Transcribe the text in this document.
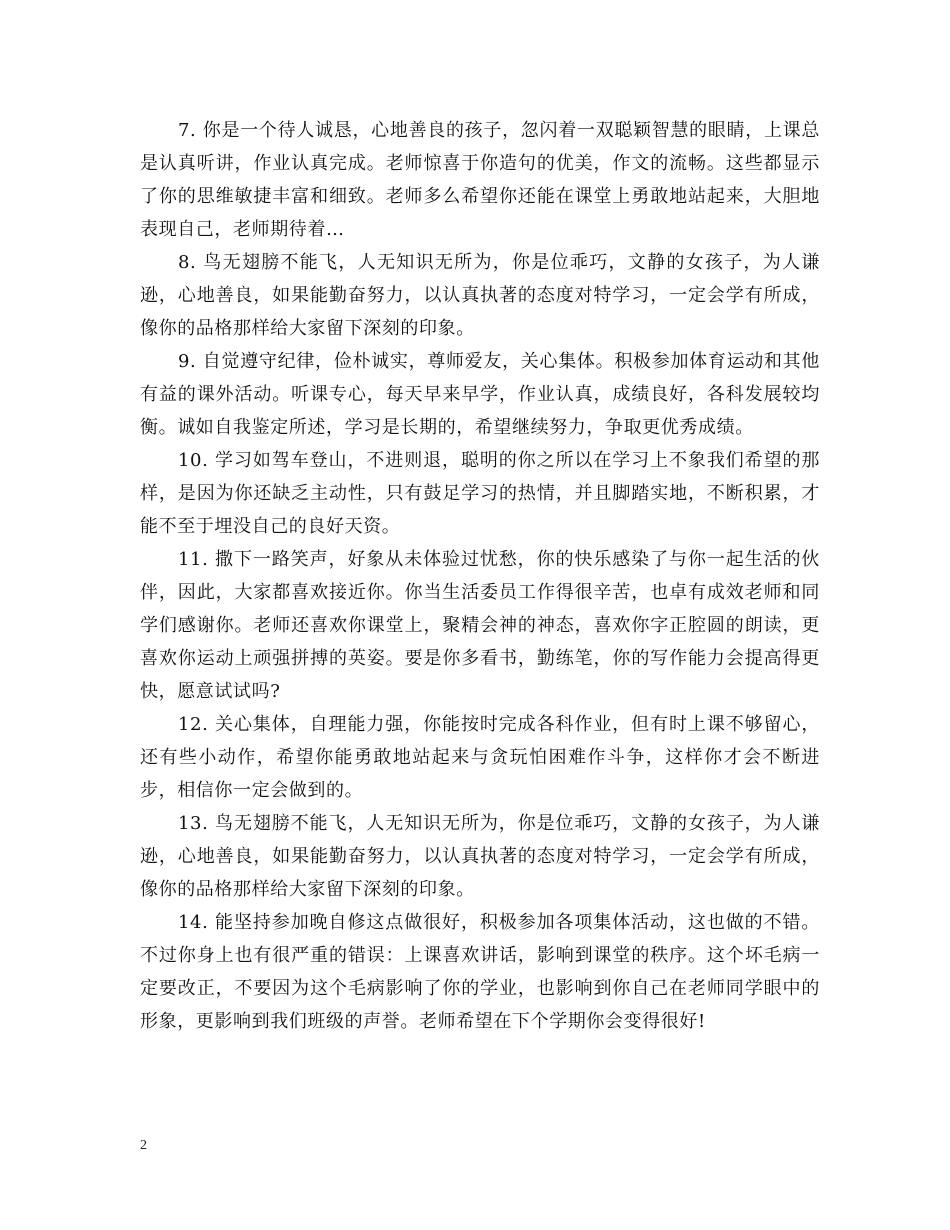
7. 你是一个待人诚恳，心地善良的孩子，忽闪着一双聪颖智慧的眼睛，上课总是认真听讲，作业认真完成。老师惊喜于你造句的优美，作文的流畅。这些都显示了你的思维敏捷丰富和细致。老师多么希望你还能在课堂上勇敢地站起来，大胆地表现自己，老师期待着…

8. 鸟无翅膀不能飞，人无知识无所为，你是位乖巧，文静的女孩子，为人谦逊，心地善良，如果能勤奋努力，以认真执著的态度对特学习，一定会学有所成，像你的品格那样给大家留下深刻的印象。

9. 自觉遵守纪律，俭朴诚实，尊师爱友，关心集体。积极参加体育运动和其他有益的课外活动。听课专心，每天早来早学，作业认真，成绩良好，各科发展较均衡。诚如自我鉴定所述，学习是长期的，希望继续努力，争取更优秀成绩。

10. 学习如驾车登山，不进则退，聪明的你之所以在学习上不象我们希望的那样，是因为你还缺乏主动性，只有鼓足学习的热情，并且脚踏实地，不断积累，才能不至于埋没自己的良好天资。

11. 撒下一路笑声，好象从未体验过忧愁，你的快乐感染了与你一起生活的伙伴，因此，大家都喜欢接近你。你当生活委员工作得很辛苦，也卓有成效老师和同学们感谢你。老师还喜欢你课堂上，聚精会神的神态，喜欢你字正腔圆的朗读，更喜欢你运动上顽强拼搏的英姿。要是你多看书，勤练笔，你的写作能力会提高得更快，愿意试试吗?

12. 关心集体，自理能力强，你能按时完成各科作业，但有时上课不够留心，还有些小动作，希望你能勇敢地站起来与贪玩怕困难作斗争，这样你才会不断进步，相信你一定会做到的。

13. 鸟无翅膀不能飞，人无知识无所为，你是位乖巧，文静的女孩子，为人谦逊，心地善良，如果能勤奋努力，以认真执著的态度对特学习，一定会学有所成，像你的品格那样给大家留下深刻的印象。

14. 能坚持参加晚自修这点做很好，积极参加各项集体活动，这也做的不错。不过你身上也有很严重的错误：上课喜欢讲话，影响到课堂的秩序。这个坏毛病一定要改正，不要因为这个毛病影响了你的学业，也影响到你自己在老师同学眼中的形象，更影响到我们班级的声誉。老师希望在下个学期你会变得很好!

2
